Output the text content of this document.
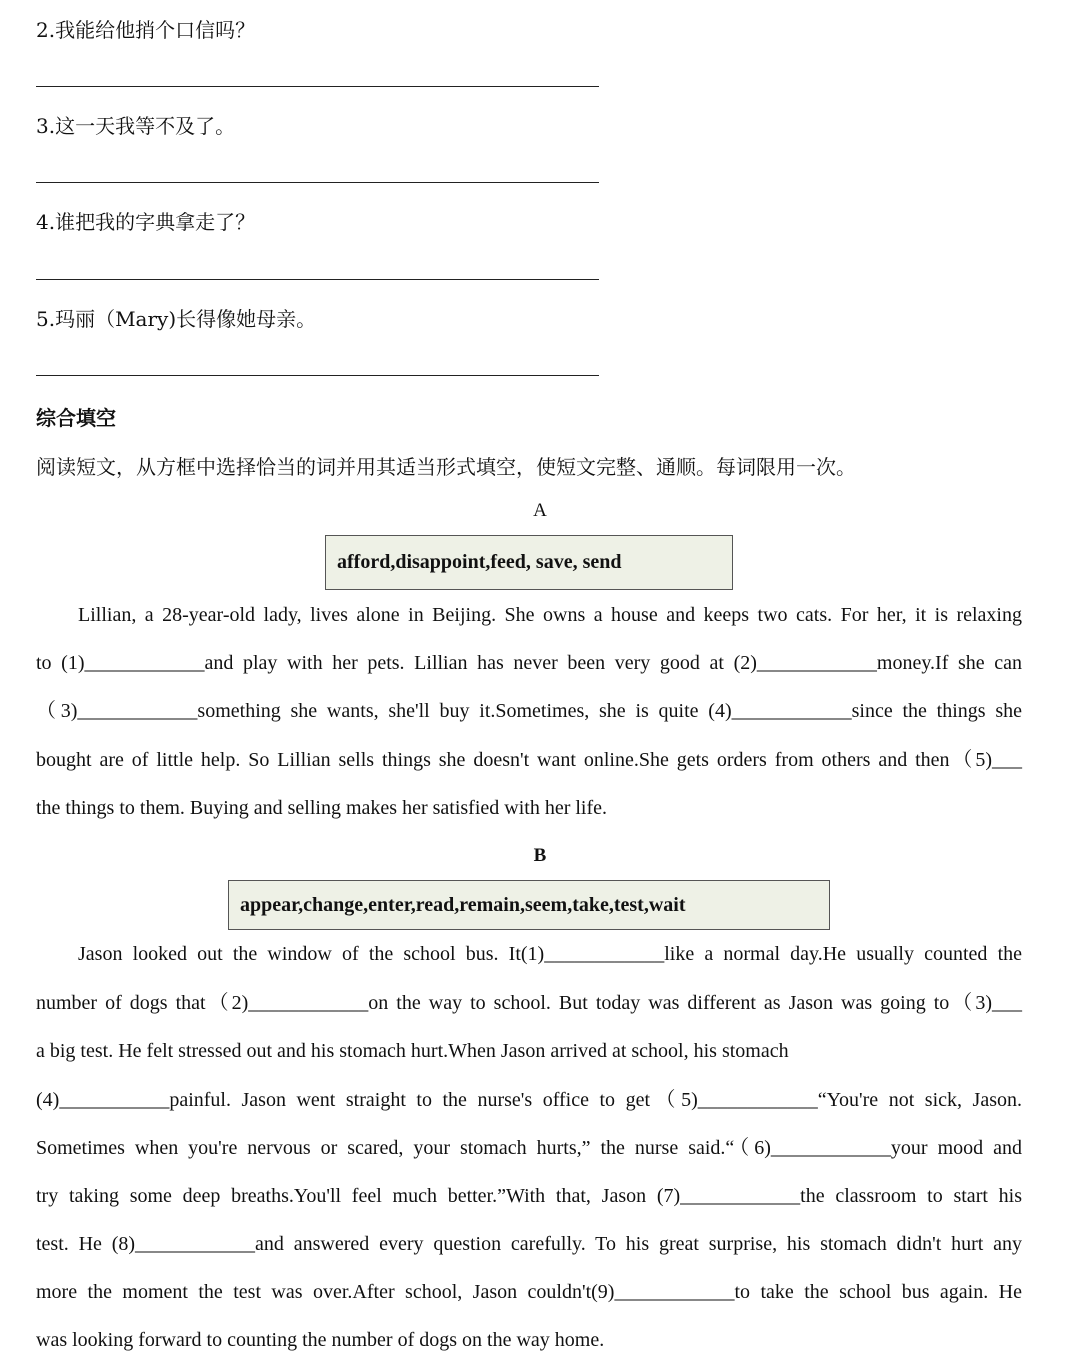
2.我能给他捎个口信吗？
3.这一天我等不及了。
4.谁把我的字典拿走了？
5.玛丽（Mary)长得像她母亲。
综合填空
阅读短文，从方框中选择恰当的词并用其适当形式填空，使短文完整、通顺。每词限用一次。
A
afford,disappoint,feed, save, send
Lillian, a 28-year-old lady, lives alone in Beijing. She owns a house and keeps two cats. For her, it is relaxing
to (1)____________and play with her pets. Lillian has never been very good at (2)____________money.If she can
（3)____________something she wants, she'll buy it.Sometimes, she is quite (4)____________since the things she
bought are of little help. So Lillian sells things she doesn't want online.She gets orders from others and then（5)___
the things to them. Buying and selling makes her satisfied with her life.
B
appear,change,enter,read,remain,seem,take,test,wait
Jason looked out the window of the school bus. It(1)____________like a normal day.He usually counted the
number of dogs that（2)____________on the way to school. But today was different as Jason was going to（3)___
a big test. He felt stressed out and his stomach hurt.When Jason arrived at school, his stomach
(4)___________painful. Jason went straight to the nurse's office to get（5)____________“You're not sick, Jason.
Sometimes when you're nervous or scared, your stomach hurts,” the nurse said.“（6)____________your mood and
try taking some deep breaths.You'll feel much better.”With that, Jason (7)____________the classroom to start his
test. He (8)____________and answered every question carefully. To his great surprise, his stomach didn't hurt any
more the moment the test was over.After school, Jason couldn't(9)____________to take the school bus again. He
was looking forward to counting the number of dogs on the way home.
